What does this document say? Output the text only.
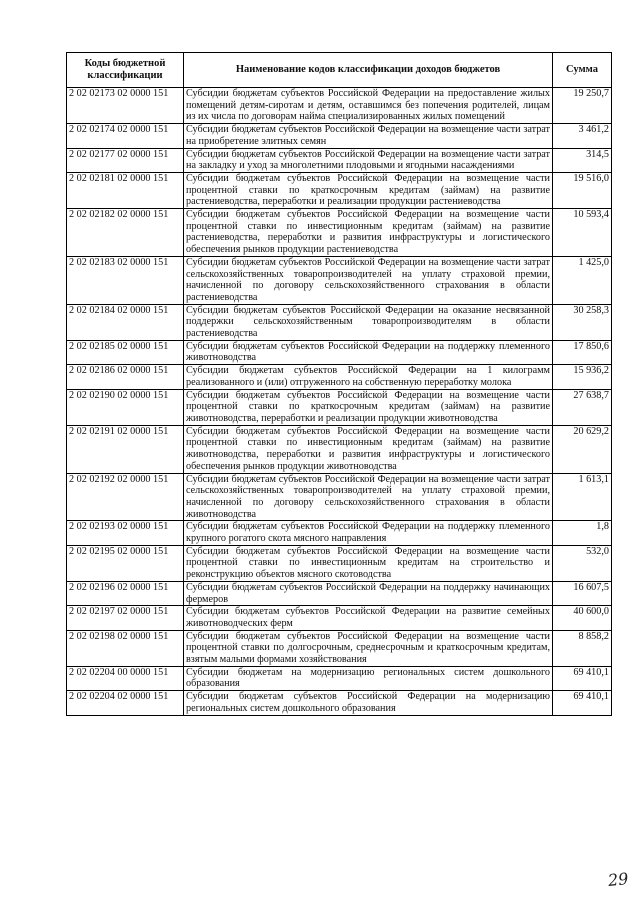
Коды бюджетной классификации	Наименование кодов классификации доходов бюджетов	Сумма
2 02 02173 02 0000 151	Субсидии бюджетам субъектов Российской Федерации на предоставление жилых помещений детям-сиротам и детям, оставшимся без попечения родителей, лицам из их числа по договорам найма специализированных жилых помещений	19 250,7
2 02 02174 02 0000 151	Субсидии бюджетам субъектов Российской Федерации на возмещение части затрат на приобретение элитных семян	3 461,2
2 02 02177 02 0000 151	Субсидии бюджетам субъектов Российской Федерации на возмещение части затрат на закладку и уход за многолетними плодовыми и ягодными насаждениями	314,5
2 02 02181 02 0000 151	Субсидии бюджетам субъектов Российской Федерации на возмещение части процентной ставки по краткосрочным кредитам (займам) на развитие растениеводства, переработки и реализации продукции растениеводства	19 516,0
2 02 02182 02 0000 151	Субсидии бюджетам субъектов Российской Федерации на возмещение части процентной ставки по инвестиционным кредитам (займам) на развитие растениеводства, переработки и развития инфраструктуры и логистического обеспечения рынков продукции растениеводства	10 593,4
2 02 02183 02 0000 151	Субсидии бюджетам субъектов Российской Федерации на возмещение части затрат сельскохозяйственных товаропроизводителей на уплату страховой премии, начисленной по договору сельскохозяйственного страхования в области растениеводства	1 425,0
2 02 02184 02 0000 151	Субсидии бюджетам субъектов Российской Федерации на оказание несвязанной поддержки сельскохозяйственным товаропроизводителям в области растениеводства	30 258,3
2 02 02185 02 0000 151	Субсидии бюджетам субъектов Российской Федерации на поддержку племенного животноводства	17 850,6
2 02 02186 02 0000 151	Субсидии бюджетам субъектов Российской Федерации на 1 килограмм реализованного и (или) отгруженного на собственную переработку молока	15 936,2
2 02 02190 02 0000 151	Субсидии бюджетам субъектов Российской Федерации на возмещение части процентной ставки по краткосрочным кредитам (займам) на развитие животноводства, переработки и реализации продукции животноводства	27 638,7
2 02 02191 02 0000 151	Субсидии бюджетам субъектов Российской Федерации на возмещение части процентной ставки по инвестиционным кредитам (займам) на развитие животноводства, переработки и развития инфраструктуры и логистического обеспечения рынков продукции животноводства	20 629,2
2 02 02192 02 0000 151	Субсидии бюджетам субъектов Российской Федерации на возмещение части затрат сельскохозяйственных товаропроизводителей на уплату страховой премии, начисленной по договору сельскохозяйственного страхования в области животноводства	1 613,1
2 02 02193 02 0000 151	Субсидии бюджетам субъектов Российской Федерации на поддержку племенного крупного рогатого скота мясного направления	1,8
2 02 02195 02 0000 151	Субсидии бюджетам субъектов Российской Федерации на возмещение части процентной ставки по инвестиционным кредитам на строительство и реконструкцию объектов мясного скотоводства	532,0
2 02 02196 02 0000 151	Субсидии бюджетам субъектов Российской Федерации на поддержку начинающих фермеров	16 607,5
2 02 02197 02 0000 151	Субсидии бюджетам субъектов Российской Федерации на развитие семейных животноводческих ферм	40 600,0
2 02 02198 02 0000 151	Субсидии бюджетам субъектов Российской Федерации на возмещение части процентной ставки по долгосрочным, среднесрочным и краткосрочным кредитам, взятым малыми формами хозяйствования	8 858,2
2 02 02204 00 0000 151	Субсидии бюджетам на модернизацию региональных систем дошкольного образования	69 410,1
2 02 02204 02 0000 151	Субсидии бюджетам субъектов Российской Федерации на модернизацию региональных систем дошкольного образования	69 410,1
29
